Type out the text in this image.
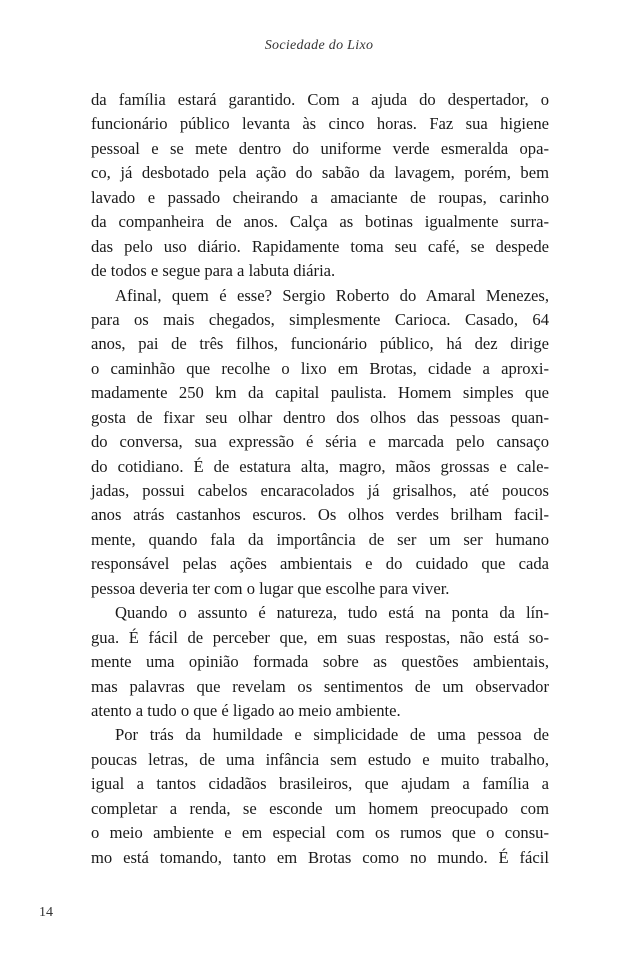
Sociedade do Lixo
da família estará garantido. Com a ajuda do despertador, o
funcionário público levanta às cinco horas. Faz sua higiene
pessoal e se mete dentro do uniforme verde esmeralda opa-
co, já desbotado pela ação do sabão da lavagem, porém, bem
lavado e passado cheirando a amaciante de roupas, carinho
da companheira de anos. Calça as botinas igualmente surra-
das pelo uso diário. Rapidamente toma seu café, se despede
de todos e segue para a labuta diária.
Afinal, quem é esse? Sergio Roberto do Amaral Menezes,
para os mais chegados, simplesmente Carioca. Casado, 64
anos, pai de três filhos, funcionário público, há dez dirige
o caminhão que recolhe o lixo em Brotas, cidade a aproxi-
madamente 250 km da capital paulista. Homem simples que
gosta de fixar seu olhar dentro dos olhos das pessoas quan-
do conversa, sua expressão é séria e marcada pelo cansaço
do cotidiano. É de estatura alta, magro, mãos grossas e cale-
jadas, possui cabelos encaracolados já grisalhos, até poucos
anos atrás castanhos escuros. Os olhos verdes brilham facil-
mente, quando fala da importância de ser um ser humano
responsável pelas ações ambientais e do cuidado que cada
pessoa deveria ter com o lugar que escolhe para viver.
Quando o assunto é natureza, tudo está na ponta da lín-
gua. É fácil de perceber que, em suas respostas, não está so-
mente uma opinião formada sobre as questões ambientais,
mas palavras que revelam os sentimentos de um observador
atento a tudo o que é ligado ao meio ambiente.
Por trás da humildade e simplicidade de uma pessoa de
poucas letras, de uma infância sem estudo e muito trabalho,
igual a tantos cidadãos brasileiros, que ajudam a família a
completar a renda, se esconde um homem preocupado com
o meio ambiente e em especial com os rumos que o consu-
mo está tomando, tanto em Brotas como no mundo. É fácil
14
